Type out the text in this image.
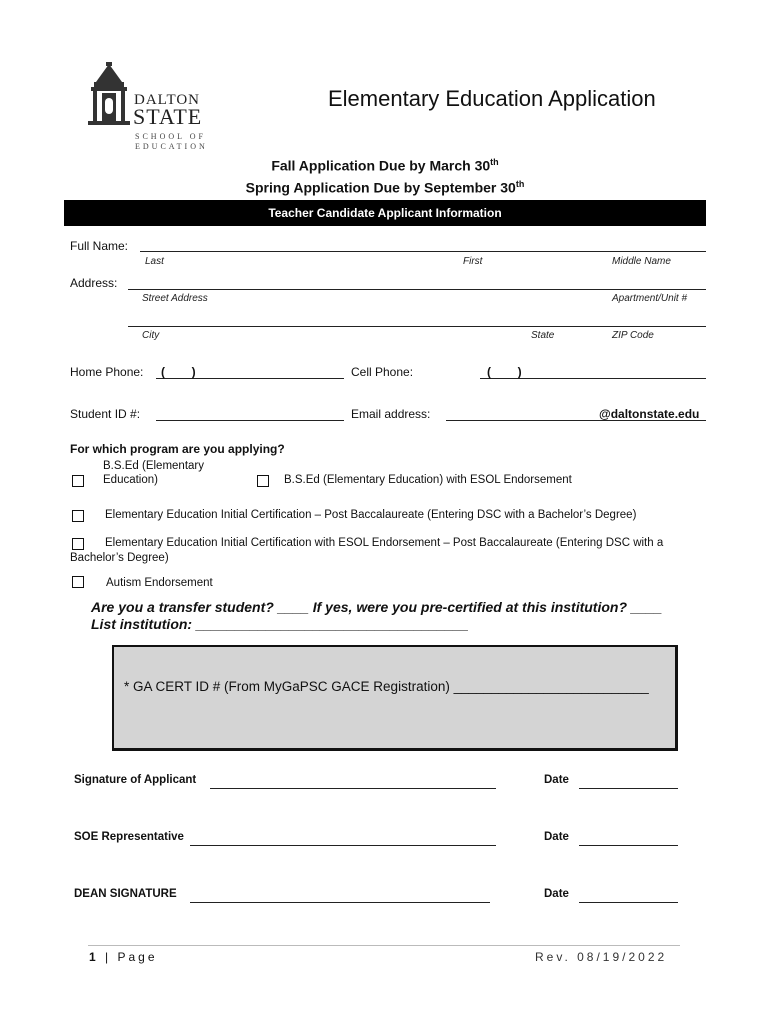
DALTON
STATE
SCHOOL OF
EDUCATION
Elementary Education Application
Fall Application Due by March 30th
Spring Application Due by September 30th
Teacher Candidate Applicant Information
Full Name:
Last	First	Middle Name
Address:
Street Address	Apartment/Unit #
City	State	ZIP Code
Home Phone: (        )	Cell Phone:	(        )
Student ID #:	Email address:	@daltonstate.edu
For which program are you applying?
B.S.Ed (Elementary
Education)	B.S.Ed (Elementary Education) with ESOL Endorsement
Elementary Education Initial Certification – Post Baccalaureate (Entering DSC with a Bachelor’s Degree)
Elementary Education Initial Certification with ESOL Endorsement – Post Baccalaureate (Entering DSC with a
Bachelor’s Degree)
Autism Endorsement
Are you a transfer student? ____ If yes, were you pre-certified at this institution? ____
List institution: ___________________________________
* GA CERT ID # (From MyGaPSC GACE Registration) __________________________
Signature of Applicant	Date
SOE Representative	Date
DEAN SIGNATURE	Date
1 | Page	Rev. 08/19/2022
